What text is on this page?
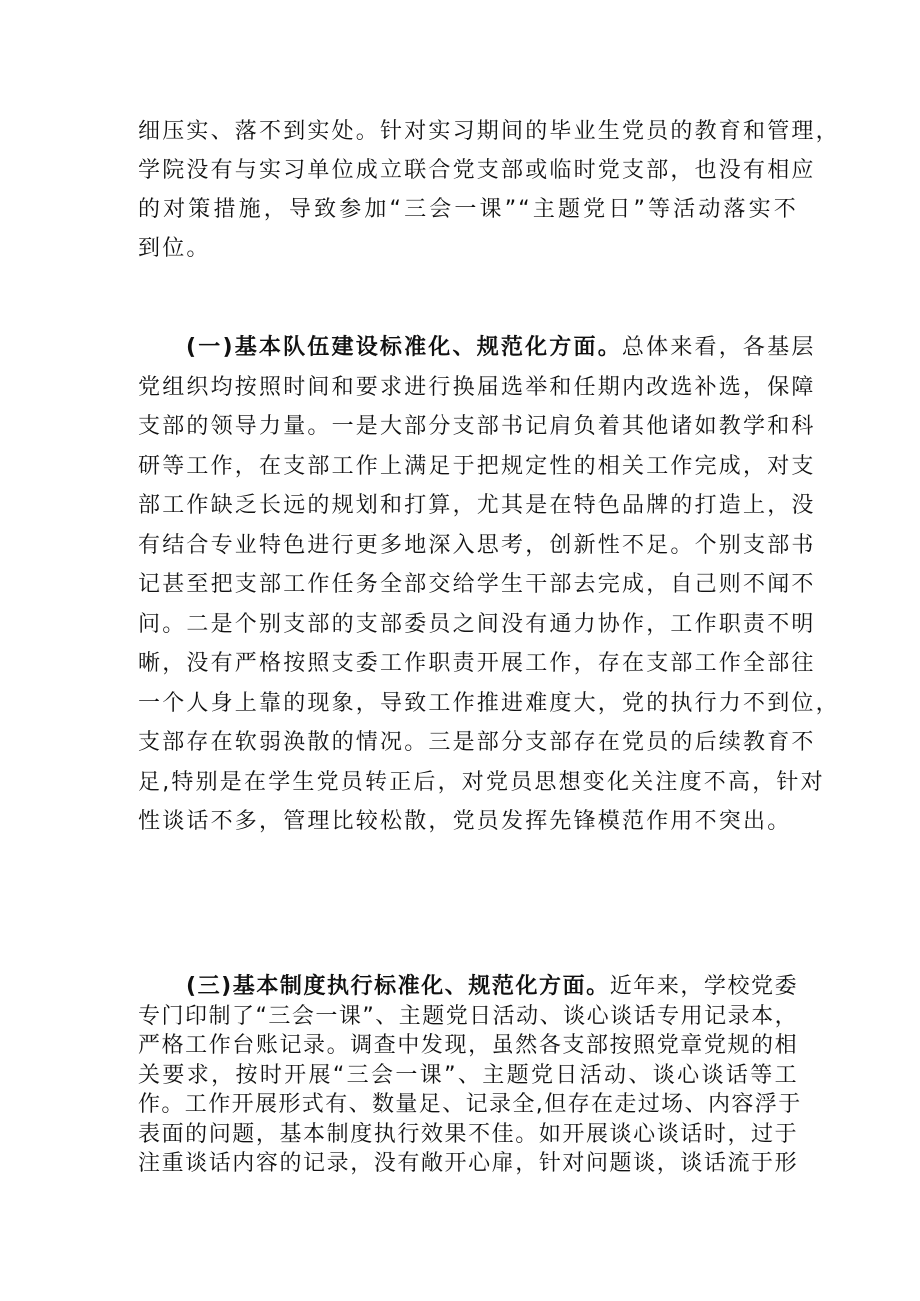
细压实、落不到实处。针对实习期间的毕业生党员的教育和管理，
学院没有与实习单位成立联合党支部或临时党支部，也没有相应
的对策措施，导致参加“三会一课”“主题党日”等活动落实不
到位。
(一)基本队伍建设标准化、规范化方面。总体来看，各基层
党组织均按照时间和要求进行换届选举和任期内改选补选，保障
支部的领导力量。一是大部分支部书记肩负着其他诸如教学和科
研等工作，在支部工作上满足于把规定性的相关工作完成，对支
部工作缺乏长远的规划和打算，尤其是在特色品牌的打造上，没
有结合专业特色进行更多地深入思考，创新性不足。个别支部书
记甚至把支部工作任务全部交给学生干部去完成，自己则不闻不
问。二是个别支部的支部委员之间没有通力协作，工作职责不明
晰，没有严格按照支委工作职责开展工作，存在支部工作全部往
一个人身上靠的现象，导致工作推进难度大，党的执行力不到位，
支部存在软弱涣散的情况。三是部分支部存在党员的后续教育不
足,特别是在学生党员转正后，对党员思想变化关注度不高，针对
性谈话不多，管理比较松散，党员发挥先锋模范作用不突出。
(三)基本制度执行标准化、规范化方面。近年来，学校党委
专门印制了“三会一课”、主题党日活动、谈心谈话专用记录本，
严格工作台账记录。调查中发现，虽然各支部按照党章党规的相
关要求，按时开展“三会一课”、主题党日活动、谈心谈话等工
作。工作开展形式有、数量足、记录全,但存在走过场、内容浮于
表面的问题，基本制度执行效果不佳。如开展谈心谈话时，过于
注重谈话内容的记录，没有敞开心扉，针对问题谈，谈话流于形
